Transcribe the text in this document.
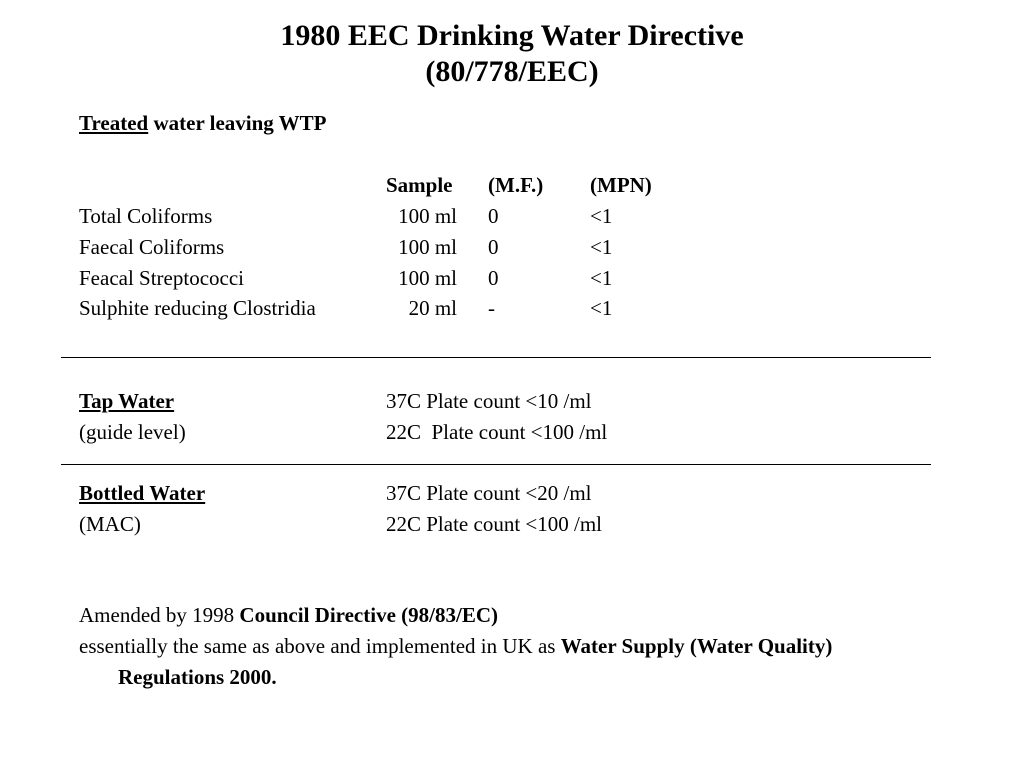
1980 EEC Drinking Water Directive
(80/778/EEC)
Treated water leaving WTP
Sample (M.F.) (MPN)
Total Coliforms	100 ml 0	<1
Faecal Coliforms	100 ml 0	<1
Feacal Streptococci	100 ml 0	<1
Sulphite reducing Clostridia	20 ml -	<1
Tap Water	37C Plate count <10 /ml
(guide level)	22C  Plate count <100 /ml
Bottled Water	37C Plate count <20 /ml
(MAC)	22C Plate count <100 /ml
Amended by 1998 Council Directive (98/83/EC)
essentially the same as above and implemented in UK as Water Supply (Water Quality) Regulations 2000.
